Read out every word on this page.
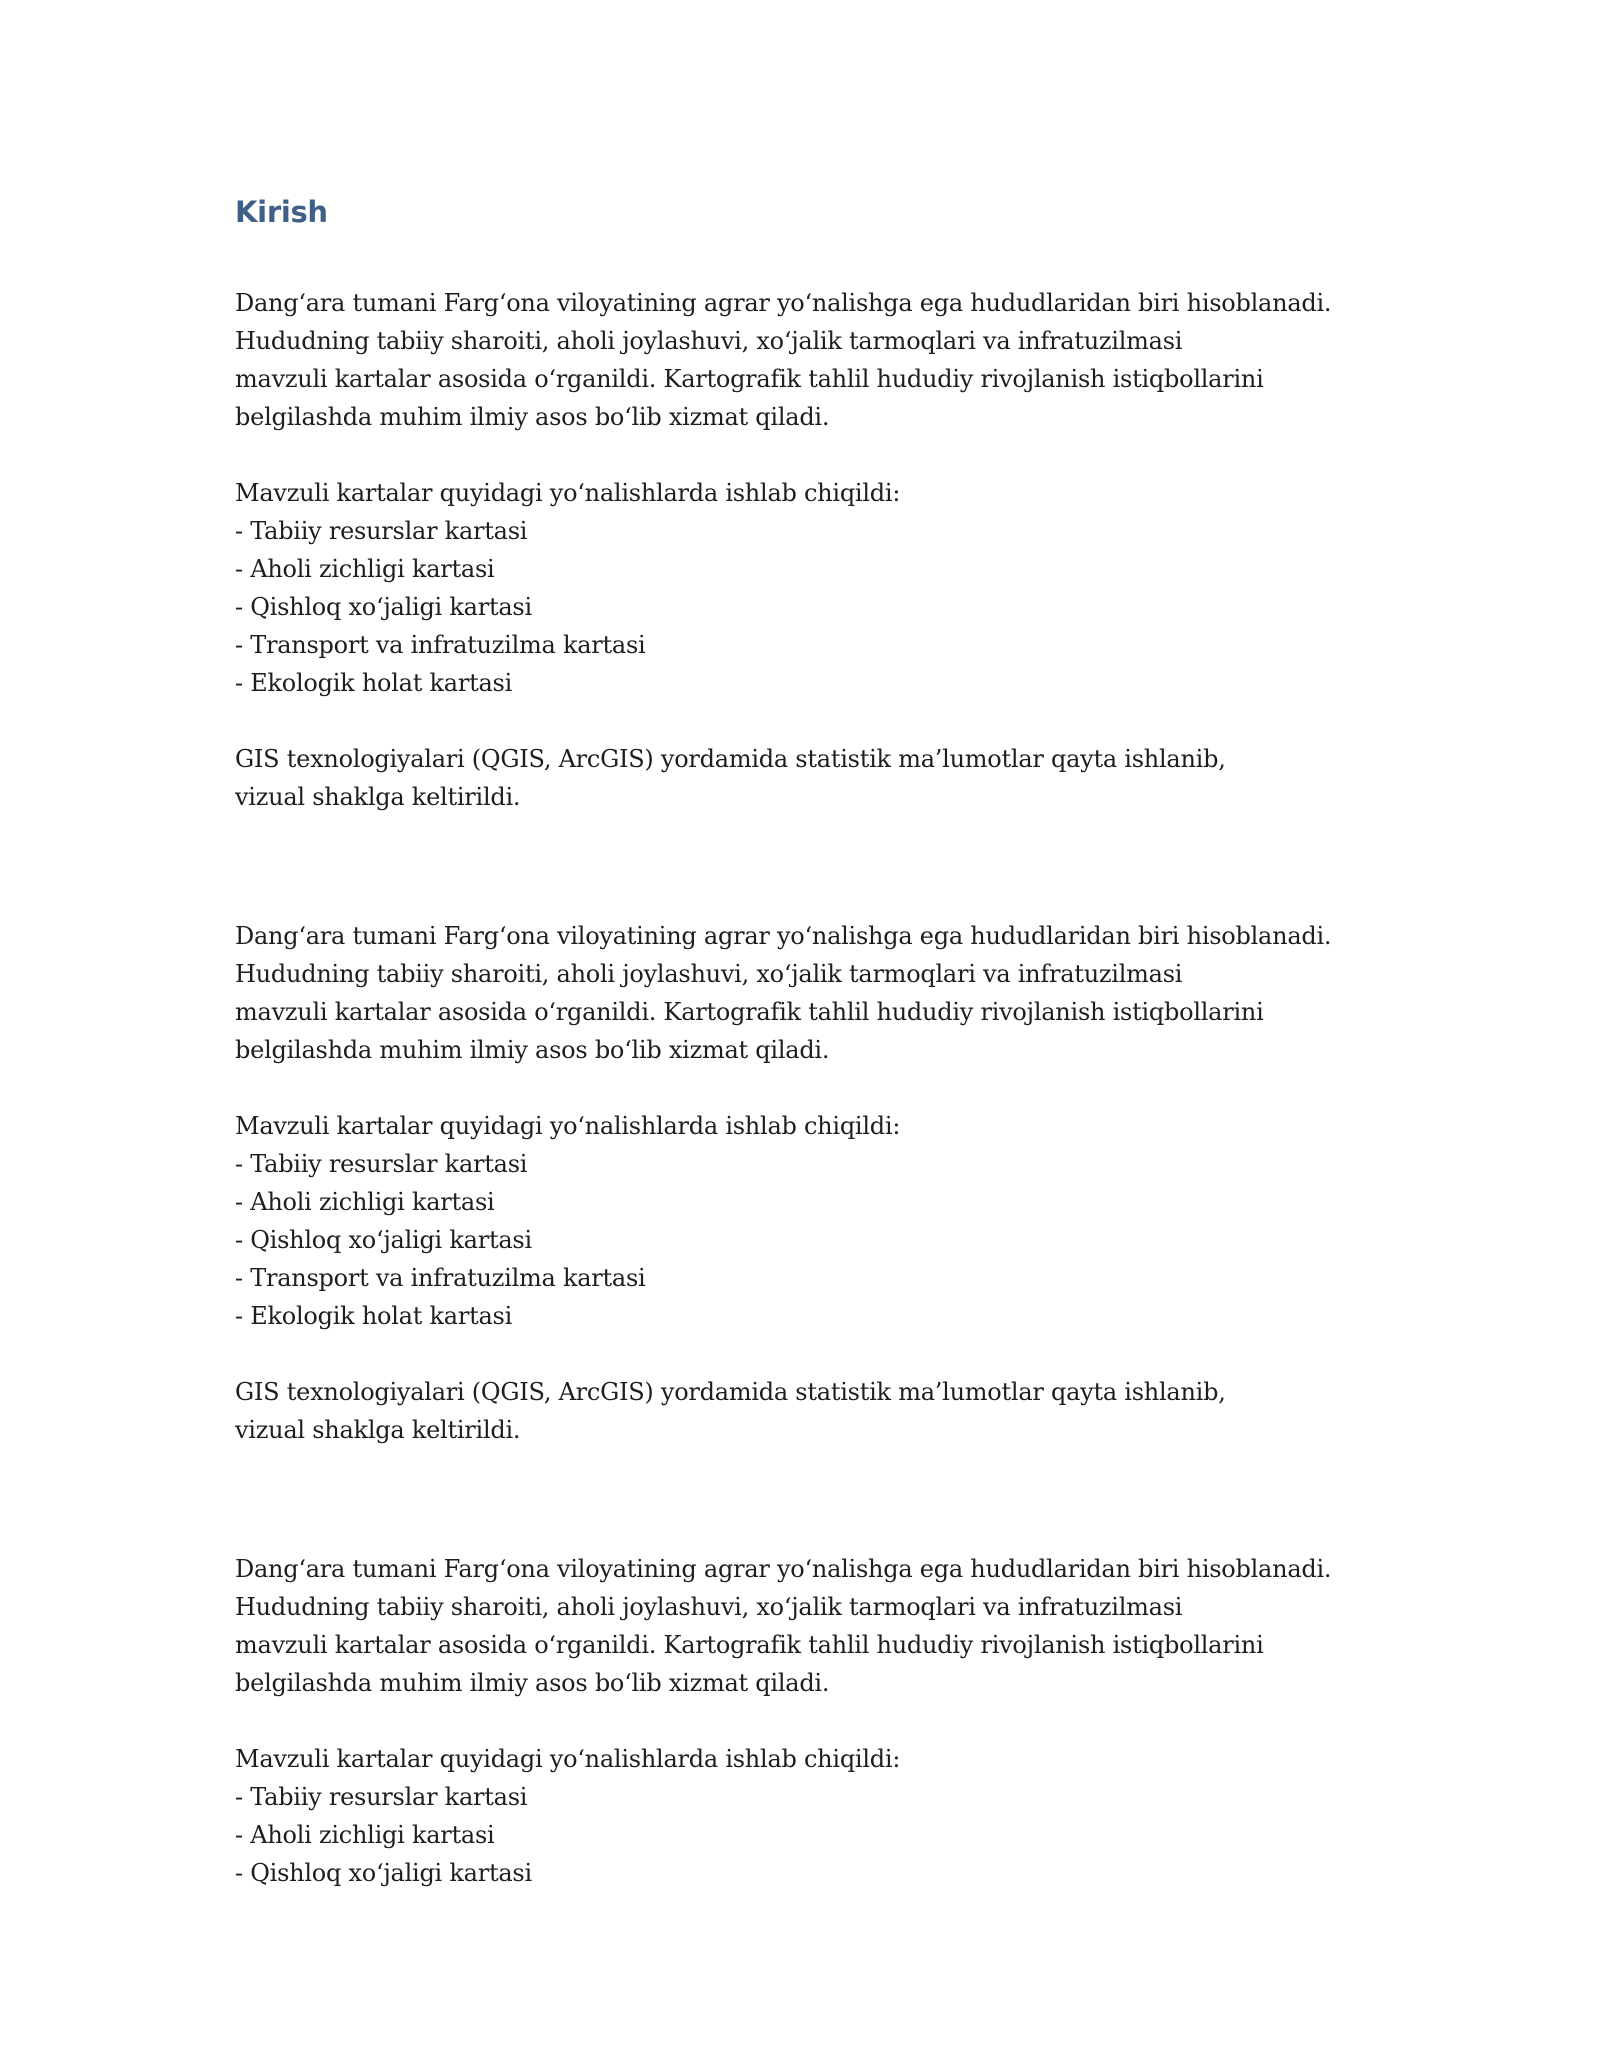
Kirish
Dang‘ara tumani Farg‘ona viloyatining agrar yo‘nalishga ega hududlaridan biri hisoblanadi.
Hududning tabiiy sharoiti, aholi joylashuvi, xo‘jalik tarmoqlari va infratuzilmasi
mavzuli kartalar asosida o‘rganildi. Kartografik tahlil hududiy rivojlanish istiqbollarini
belgilashda muhim ilmiy asos bo‘lib xizmat qiladi.
Mavzuli kartalar quyidagi yo‘nalishlarda ishlab chiqildi:
- Tabiiy resurslar kartasi
- Aholi zichligi kartasi
- Qishloq xo‘jaligi kartasi
- Transport va infratuzilma kartasi
- Ekologik holat kartasi
GIS texnologiyalari (QGIS, ArcGIS) yordamida statistik ma’lumotlar qayta ishlanib,
vizual shaklga keltirildi.
Dang‘ara tumani Farg‘ona viloyatining agrar yo‘nalishga ega hududlaridan biri hisoblanadi.
Hududning tabiiy sharoiti, aholi joylashuvi, xo‘jalik tarmoqlari va infratuzilmasi
mavzuli kartalar asosida o‘rganildi. Kartografik tahlil hududiy rivojlanish istiqbollarini
belgilashda muhim ilmiy asos bo‘lib xizmat qiladi.
Mavzuli kartalar quyidagi yo‘nalishlarda ishlab chiqildi:
- Tabiiy resurslar kartasi
- Aholi zichligi kartasi
- Qishloq xo‘jaligi kartasi
- Transport va infratuzilma kartasi
- Ekologik holat kartasi
GIS texnologiyalari (QGIS, ArcGIS) yordamida statistik ma’lumotlar qayta ishlanib,
vizual shaklga keltirildi.
Dang‘ara tumani Farg‘ona viloyatining agrar yo‘nalishga ega hududlaridan biri hisoblanadi.
Hududning tabiiy sharoiti, aholi joylashuvi, xo‘jalik tarmoqlari va infratuzilmasi
mavzuli kartalar asosida o‘rganildi. Kartografik tahlil hududiy rivojlanish istiqbollarini
belgilashda muhim ilmiy asos bo‘lib xizmat qiladi.
Mavzuli kartalar quyidagi yo‘nalishlarda ishlab chiqildi:
- Tabiiy resurslar kartasi
- Aholi zichligi kartasi
- Qishloq xo‘jaligi kartasi
